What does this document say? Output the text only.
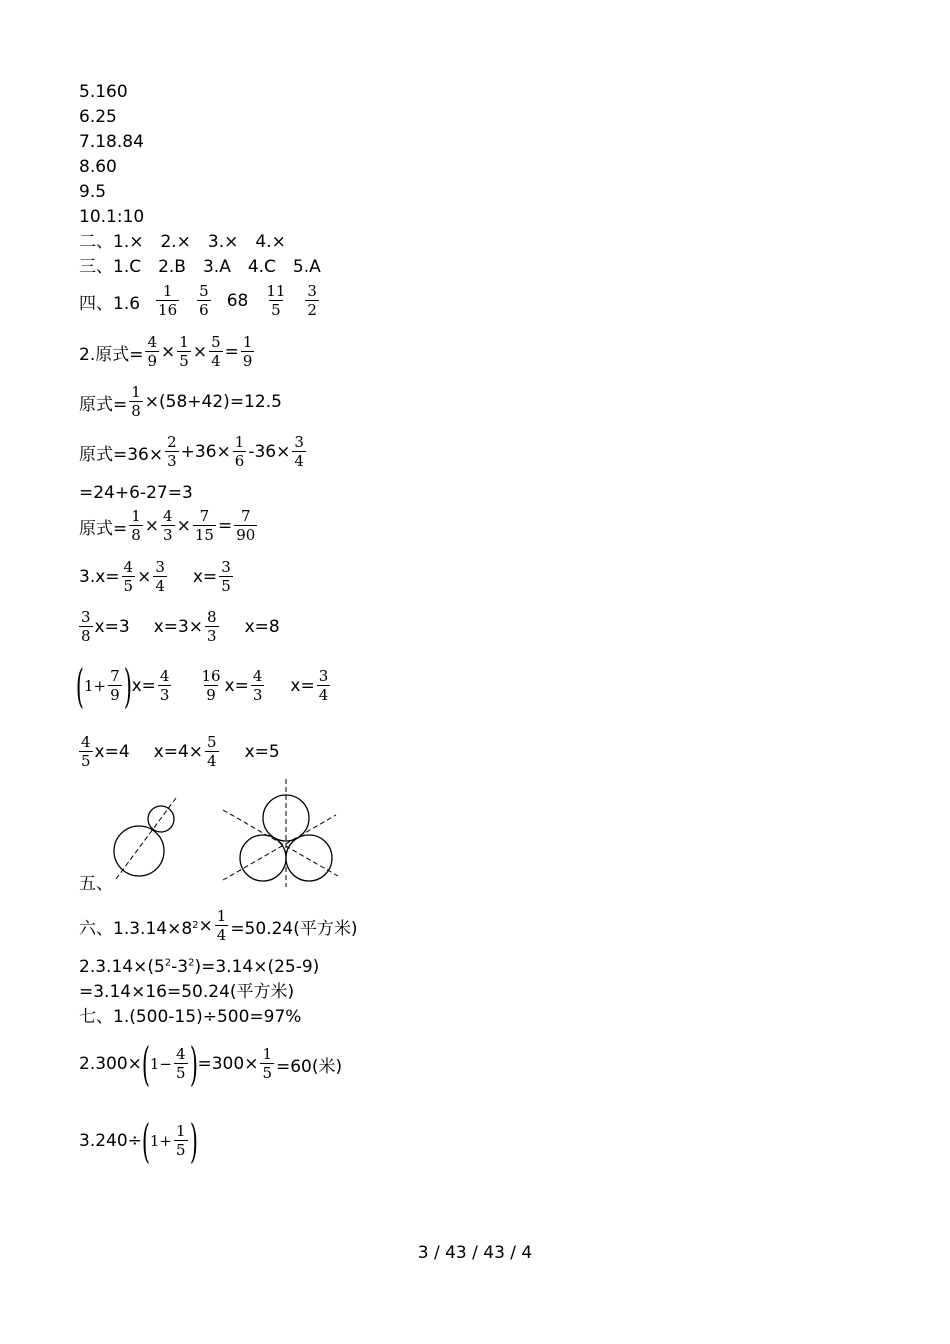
5.160
6.25
7.18.84
8.60
9.5
10.1:10
二、1.×　2.×　3.×　4.×
三、1.C　2.B　3.A　4.C　5.A
四、$1.6 \frac{1}{16} \frac{5}{6} 68 \frac{11}{5} \frac{3}{2}$
2.原式= $\frac{4}{9} \times \frac{1}{5} \times \frac{5}{4} = \frac{1}{9}$
原式= $\frac{1}{8} \times(58+42)=12.5$
原式$=36\times \frac{2}{3} +36\times \frac{1}{6} -36\times \frac{3}{4}$
=24+6-27=3
原式= $\frac{1}{8} \times \frac{4}{3} \times \frac{7}{15} = \frac{7}{90}$
$3.x= \frac{4}{5} \times \frac{3}{4} x= \frac{3}{5}$
$\frac{3}{8} x=3$ $x=3\times \frac{8}{3} x=8$
( $1+ \frac{7}{9}$ ) $x= \frac{4}{3} \frac{16}{9} x= \frac{4}{3} x= \frac{3}{4}$
$\frac{4}{5} x=4$ $x=4\times \frac{5}{4} x=5$
五、
六、1.3.14×8 $2 \times \frac{1}{4} =50.24$(平方米)
$2.3.14\times(5^2-3^2)=3.14\times(25-9)$
=3.14×16=50.24(平方米)
七、1.(500-15)÷500=97%
2.300× ( $1- \frac{4}{5}$ ) $=300\times \frac{1}{5} =60$(米)
3.240÷ ( $1+ \frac{1}{5}$ )
3 / 43 / 43 / 4
